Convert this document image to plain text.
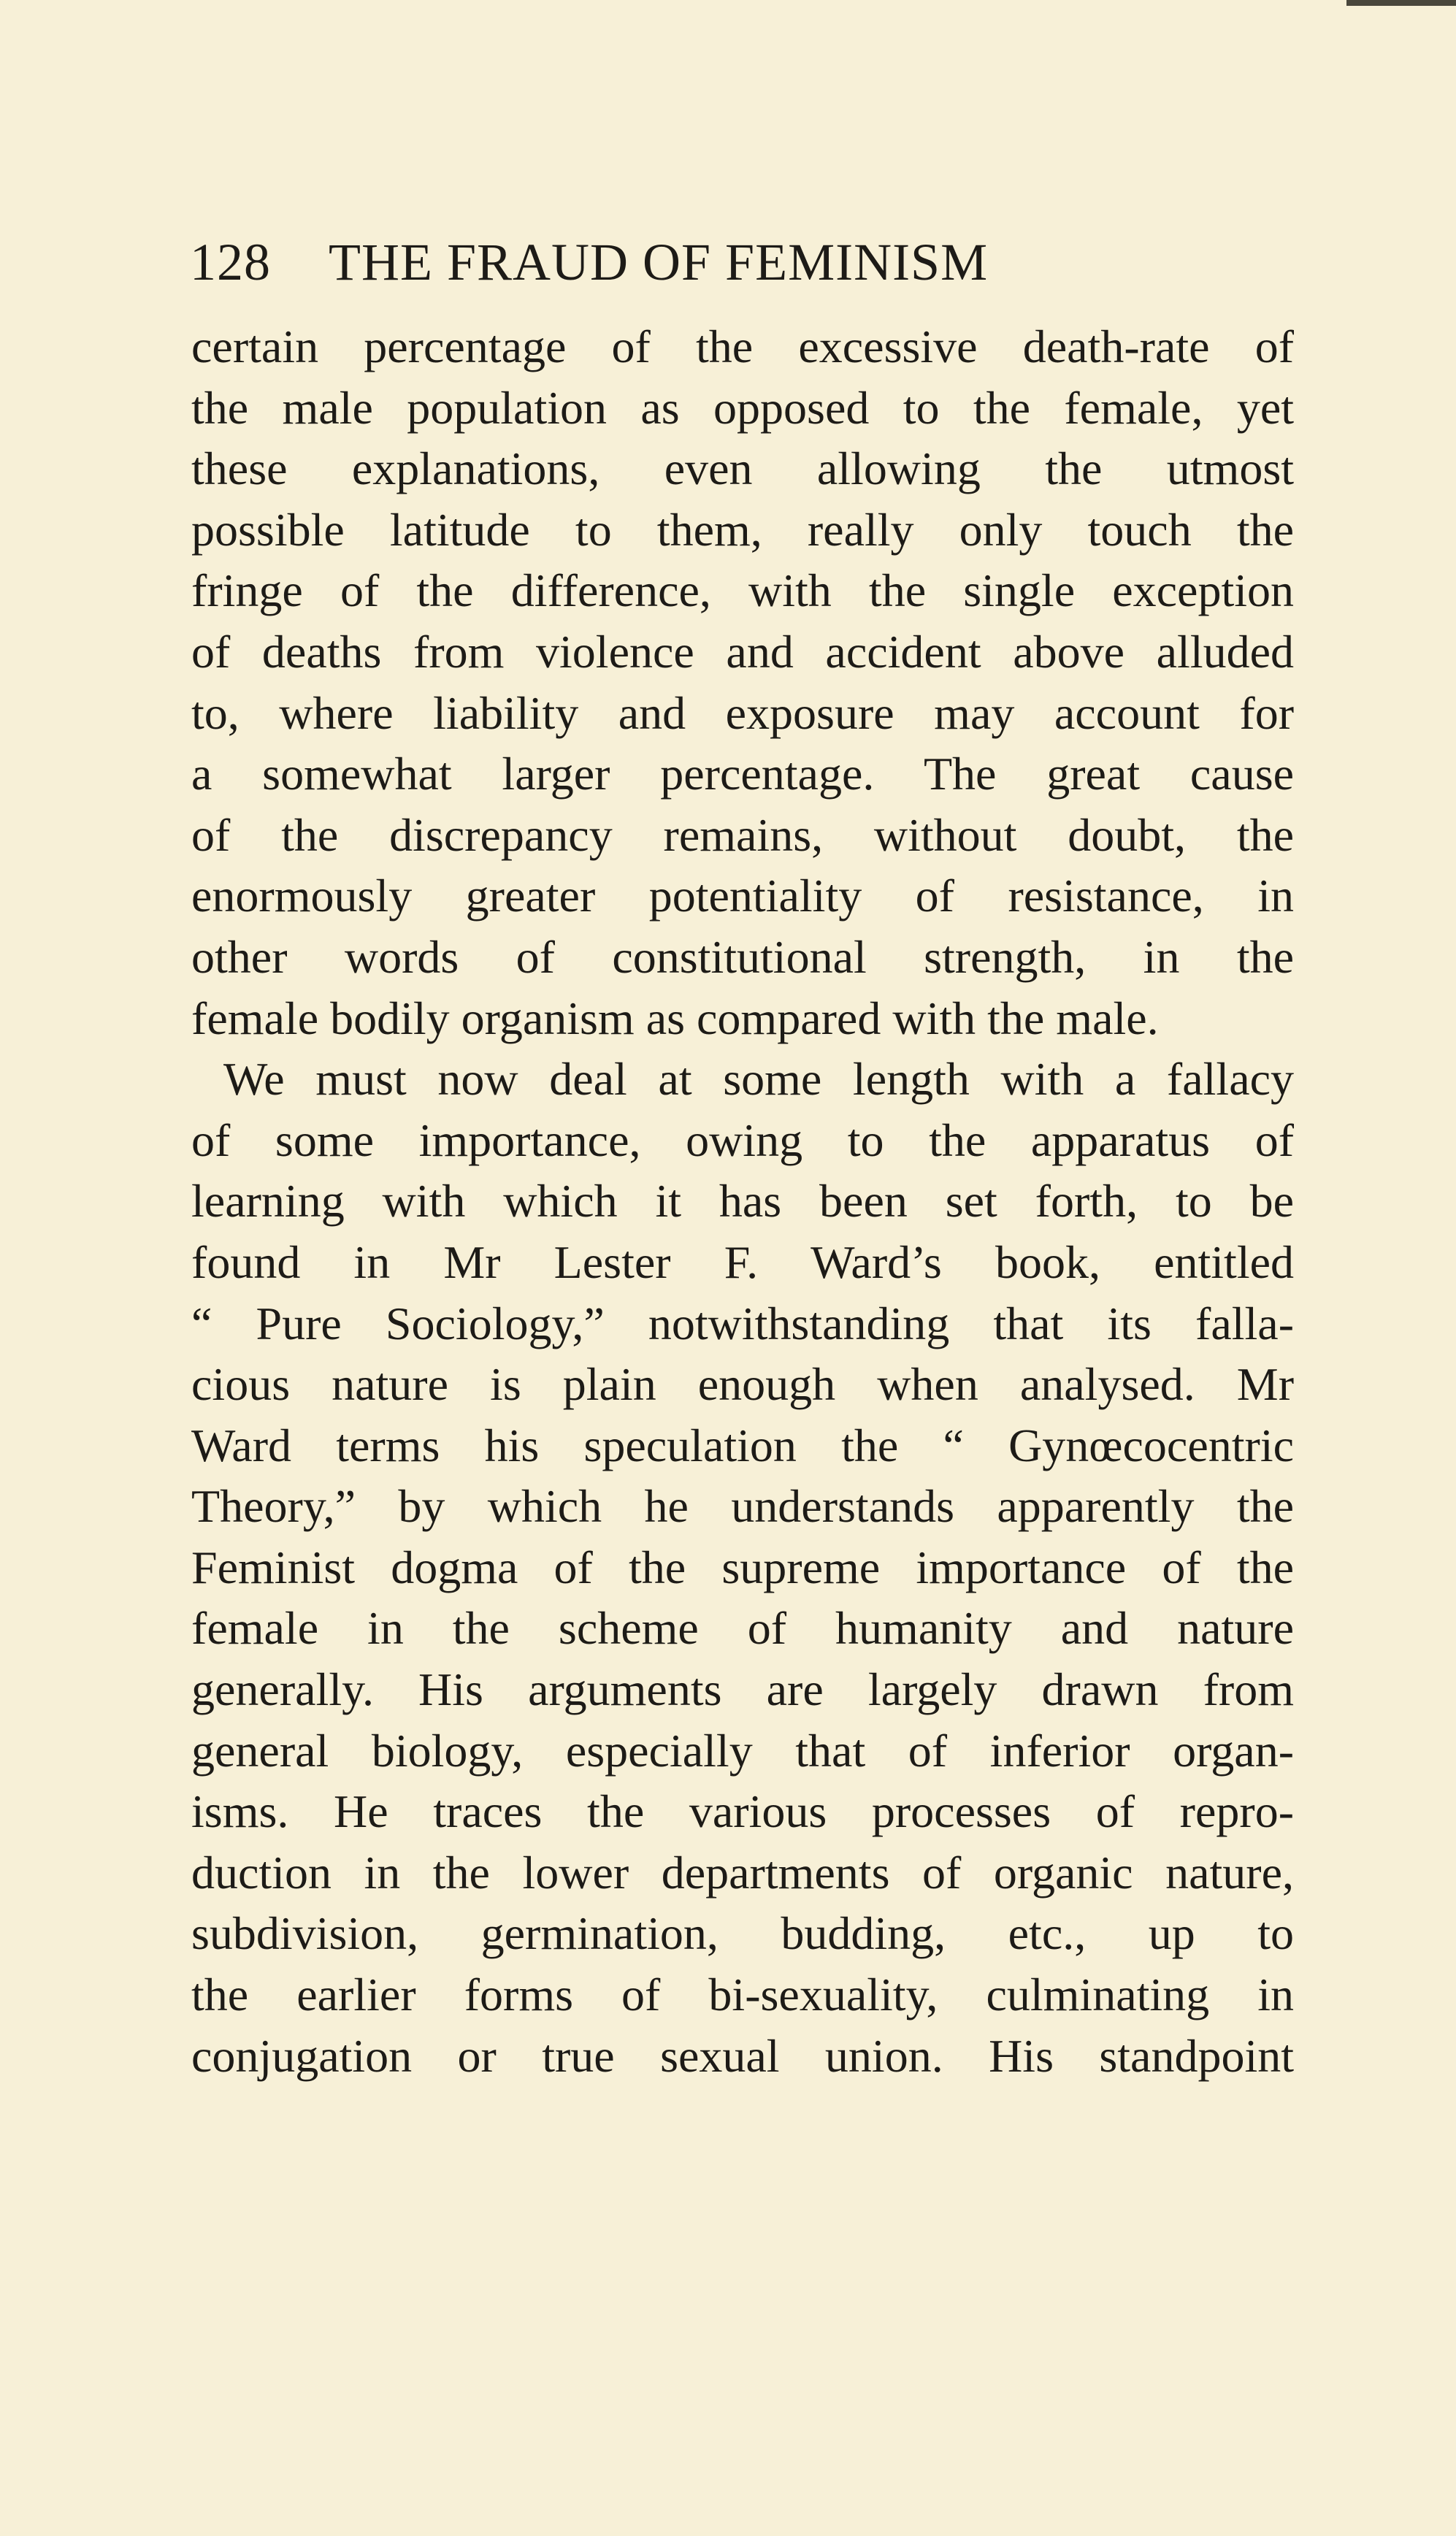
128 THE FRAUD OF FEMINISM
certain percentage of the excessive death-rate of
the male population as opposed to the female, yet
these explanations, even allowing the utmost
possible latitude to them, really only touch the
fringe of the difference, with the single exception
of deaths from violence and accident above alluded
to, where liability and exposure may account for
a somewhat larger percentage. The great cause
of the discrepancy remains, without doubt, the
enormously greater potentiality of resistance, in
other words of constitutional strength, in the
female bodily organism as compared with the male.
We must now deal at some length with a fallacy
of some importance, owing to the apparatus of
learning with which it has been set forth, to be
found in Mr Lester F. Ward’s book, entitled
“ Pure Sociology,” notwithstanding that its falla-
cious nature is plain enough when analysed. Mr
Ward terms his speculation the “ Gynœcocentric
Theory,” by which he understands apparently the
Feminist dogma of the supreme importance of the
female in the scheme of humanity and nature
generally. His arguments are largely drawn from
general biology, especially that of inferior organ-
isms. He traces the various processes of repro-
duction in the lower departments of organic nature,
subdivision, germination, budding, etc., up to
the earlier forms of bi-sexuality, culminating in
conjugation or true sexual union. His standpoint
